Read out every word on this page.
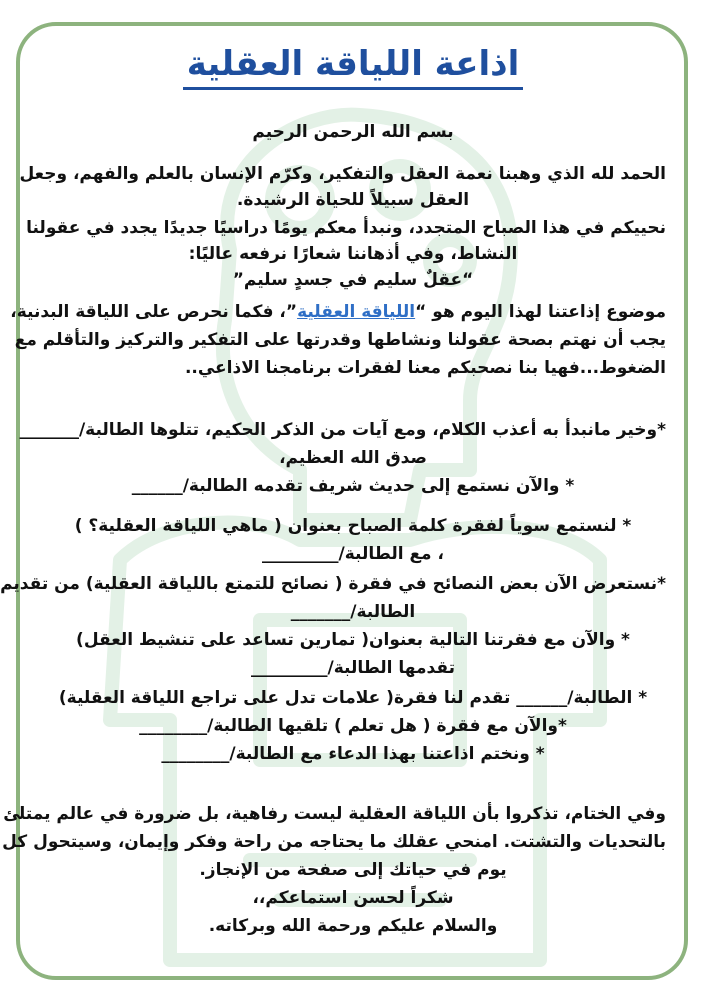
اذاعة اللياقة العقلية
بسم الله الرحمن الرحيم
الحمد لله الذي وهبنا نعمة العقل والتفكير، وكرّم الإنسان بالعلم والفهم، وجعل
العقل سبيلاً للحياة الرشيدة.
نحييكم في هذا الصباح المتجدد، ونبدأ معكم يومًا دراسيًا جديدًا يجدد في عقولنا
النشاط، وفي أذهاننا شعارًا نرفعه عاليًا:
“عقلٌ سليم في جسدٍ سليم”
موضوع إذاعتنا لهذا اليوم هو “اللياقة العقلية”، فكما نحرص على اللياقة البدنية،
يجب أن نهتم بصحة عقولنا ونشاطها وقدرتها على التفكير والتركيز والتأقلم مع
الضغوط...فهيا بنا نصحبكم معنا لفقرات برنامجنا الاذاعي..
*وخير مانبدأ به أعذب الكلام، ومع آيات من الذكر الحكيم، تتلوها الطالبة/_______
صدق الله العظيم،
* والآن نستمع إلى حديث شريف تقدمه الطالبة/______
* لنستمع سوياً لفقرة كلمة الصباح بعنوان ( ماهي اللياقة العقلية؟ )
، مع الطالبة/_________
*نستعرض الآن بعض النصائح في فقرة ( نصائح للتمتع باللياقة العقلية) من تقديم
الطالبة/_______
* والآن مع فقرتنا التالية بعنوان( تمارين تساعد على تنشيط العقل)
تقدمها الطالبة/_________
* الطالبة/______ تقدم لنا فقرة( علامات تدل على تراجع اللياقة العقلية)
*والآن مع فقرة ( هل تعلم ) تلقيها الطالبة/________
* ونختم اذاعتنا بهذا الدعاء مع الطالبة/________
وفي الختام، تذكروا بأن اللياقة العقلية ليست رفاهية، بل ضرورة في عالم يمتلئ
بالتحديات والتشتت. امنحي عقلك ما يحتاجه من راحة وفكر وإيمان، وسيتحول كل
يوم في حياتك إلى صفحة من الإنجاز.
شكراً لحسن استماعكم،،
والسلام عليكم ورحمة الله وبركاته.
